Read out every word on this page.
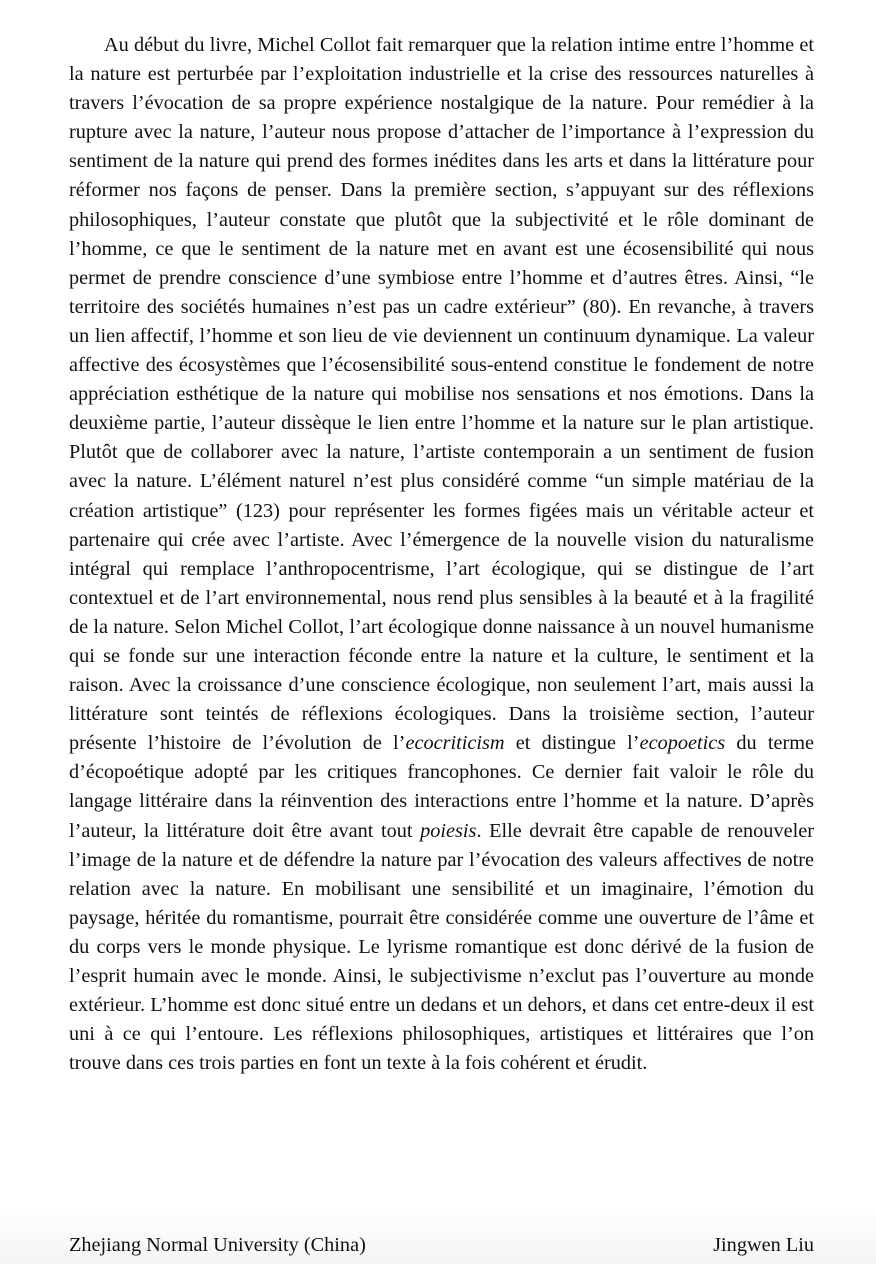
Au début du livre, Michel Collot fait remarquer que la relation intime entre l’homme et la nature est perturbée par l’exploitation industrielle et la crise des ressources naturelles à travers l’évocation de sa propre expérience nostalgique de la nature. Pour remédier à la rupture avec la nature, l’auteur nous propose d’attacher de l’importance à l’expression du sentiment de la nature qui prend des formes inédites dans les arts et dans la littérature pour réformer nos façons de penser. Dans la première section, s’appuyant sur des réflexions philosophiques, l’auteur constate que plutôt que la subjectivité et le rôle dominant de l’homme, ce que le sentiment de la nature met en avant est une écosensibilité qui nous permet de prendre conscience d’une symbiose entre l’homme et d’autres êtres. Ainsi, “le territoire des sociétés humaines n’est pas un cadre extérieur” (80). En revanche, à travers un lien affectif, l’homme et son lieu de vie deviennent un continuum dynamique. La valeur affective des écosystèmes que l’écosensibilité sous-entend constitue le fondement de notre appréciation esthétique de la nature qui mobilise nos sensations et nos émotions. Dans la deuxième partie, l’auteur dissèque le lien entre l’homme et la nature sur le plan artistique. Plutôt que de collaborer avec la nature, l’artiste contemporain a un sentiment de fusion avec la nature. L’élément naturel n’est plus considéré comme “un simple matériau de la création artistique” (123) pour représenter les formes figées mais un véritable acteur et partenaire qui crée avec l’artiste. Avec l’émergence de la nouvelle vision du naturalisme intégral qui remplace l’anthropocentrisme, l’art écologique, qui se distingue de l’art contextuel et de l’art environnemental, nous rend plus sensibles à la beauté et à la fragilité de la nature. Selon Michel Collot, l’art écologique donne naissance à un nouvel humanisme qui se fonde sur une interaction féconde entre la nature et la culture, le sentiment et la raison. Avec la croissance d’une conscience écologique, non seulement l’art, mais aussi la littérature sont teintés de réflexions écologiques. Dans la troisième section, l’auteur présente l’histoire de l’évolution de l’ecocriticism et distingue l’ecopoetics du terme d’écopoétique adopté par les critiques francophones. Ce dernier fait valoir le rôle du langage littéraire dans la réinvention des interactions entre l’homme et la nature. D’après l’auteur, la littérature doit être avant tout poiesis. Elle devrait être capable de renouveler l’image de la nature et de défendre la nature par l’évocation des valeurs affectives de notre relation avec la nature. En mobilisant une sensibilité et un imaginaire, l’émotion du paysage, héritée du romantisme, pourrait être considérée comme une ouverture de l’âme et du corps vers le monde physique. Le lyrisme romantique est donc dérivé de la fusion de l’esprit humain avec le monde. Ainsi, le subjectivisme n’exclut pas l’ouverture au monde extérieur. L’homme est donc situé entre un dedans et un dehors, et dans cet entre-deux il est uni à ce qui l’entoure. Les réflexions philosophiques, artistiques et littéraires que l’on trouve dans ces trois parties en font un texte à la fois cohérent et érudit.

Zhejiang Normal University (China)	Jingwen Liu
